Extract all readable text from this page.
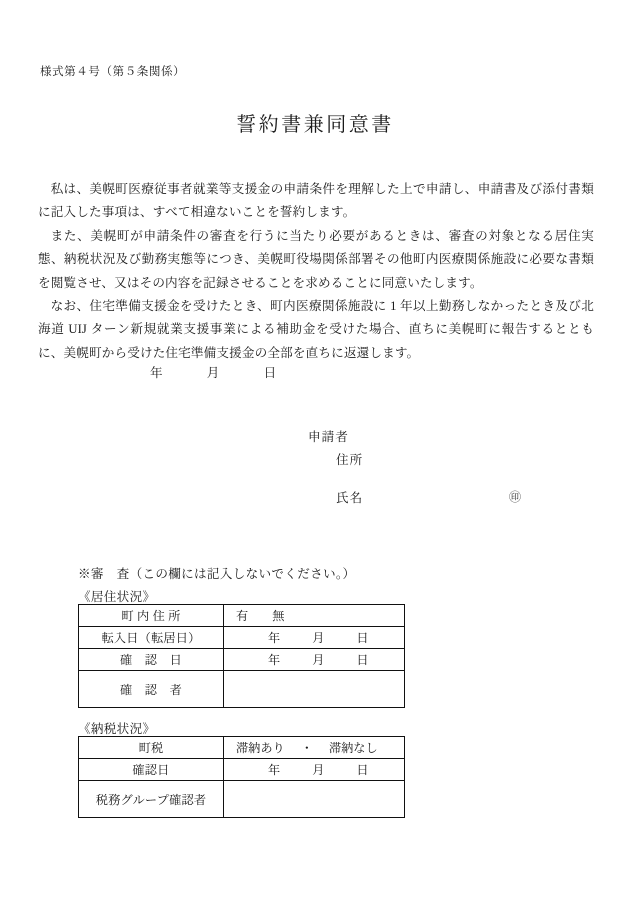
様式第４号（第５条関係）
誓約書兼同意書

私は、美幌町医療従事者就業等支援金の申請条件を理解した上で申請し、申請書及び添付書類に記入した事項は、すべて相違ないことを誓約します。

また、美幌町が申請条件の審査を行うに当たり必要があるときは、審査の対象となる居住実態、納税状況及び勤務実態等につき、美幌町役場関係部署その他町内医療関係施設に必要な書類を閲覧させ、又はその内容を記録させることを求めることに同意いたします。

なお、住宅準備支援金を受けたとき、町内医療関係施設に 1 年以上勤務しなかったとき及び北海道 UIJ ターン新規就業支援事業による補助金を受けた場合、直ちに美幌町に報告するとともに、美幌町から受けた住宅準備支援金の全部を直ちに返還します。

年	月	日
申請者
住所
氏名	㊞
※審　査（この欄には記入しないでください。）
《居住状況》
町 内 住 所	有 無
転入日（転居日）	年 月 日

確　認　日	年 月 日

確　認　者	
《納税状況》
町税	滞納あり ・ 滞納なし
確認日	年 月 日

税務グループ確認者	
